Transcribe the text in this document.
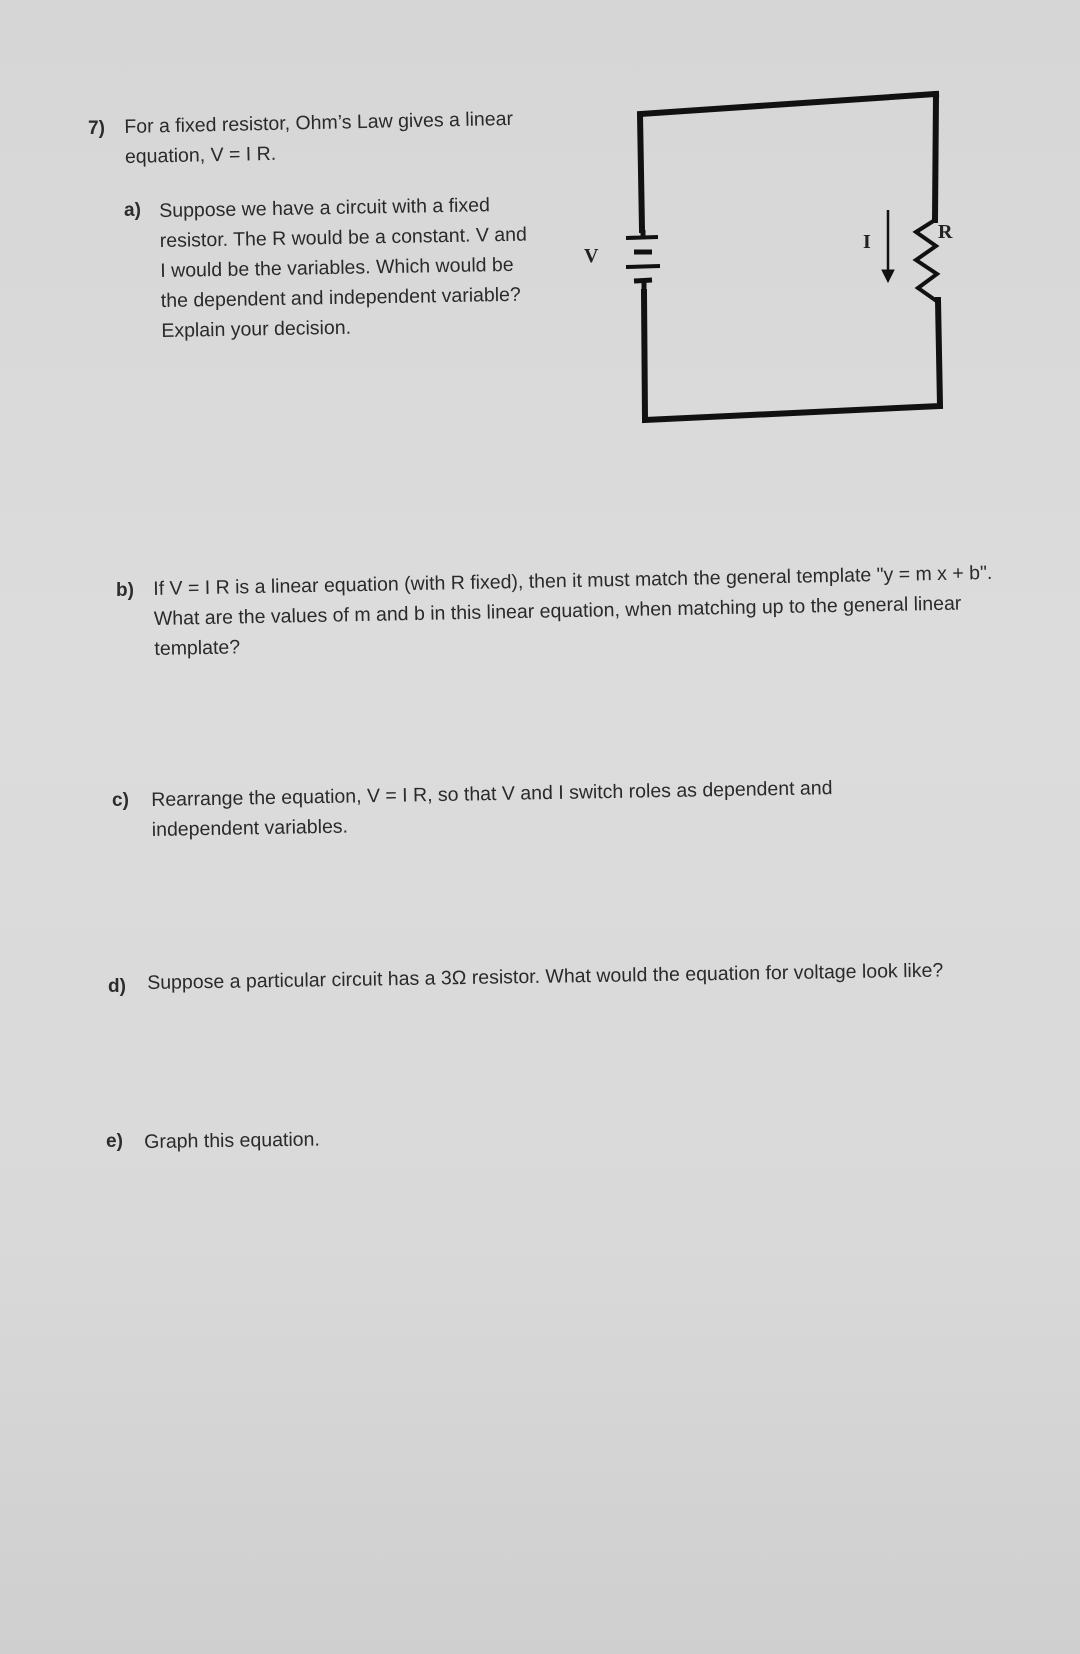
7) For a fixed resistor, Ohm’s Law gives a linear equation, V = I R.
a) Suppose we have a circuit with a fixed resistor. The R would be a constant. V and I would be the variables. Which would be the dependent and independent variable? Explain your decision.
V
I	R
b) If V = I R is a linear equation (with R fixed), then it must match the general template "y = m x + b". What are the values of m and b in this linear equation, when matching up to the general linear template?
c) Rearrange the equation, V = I R, so that V and I switch roles as dependent and independent variables.
d) Suppose a particular circuit has a 3Ω resistor. What would the equation for voltage look like?
e) Graph this equation.
